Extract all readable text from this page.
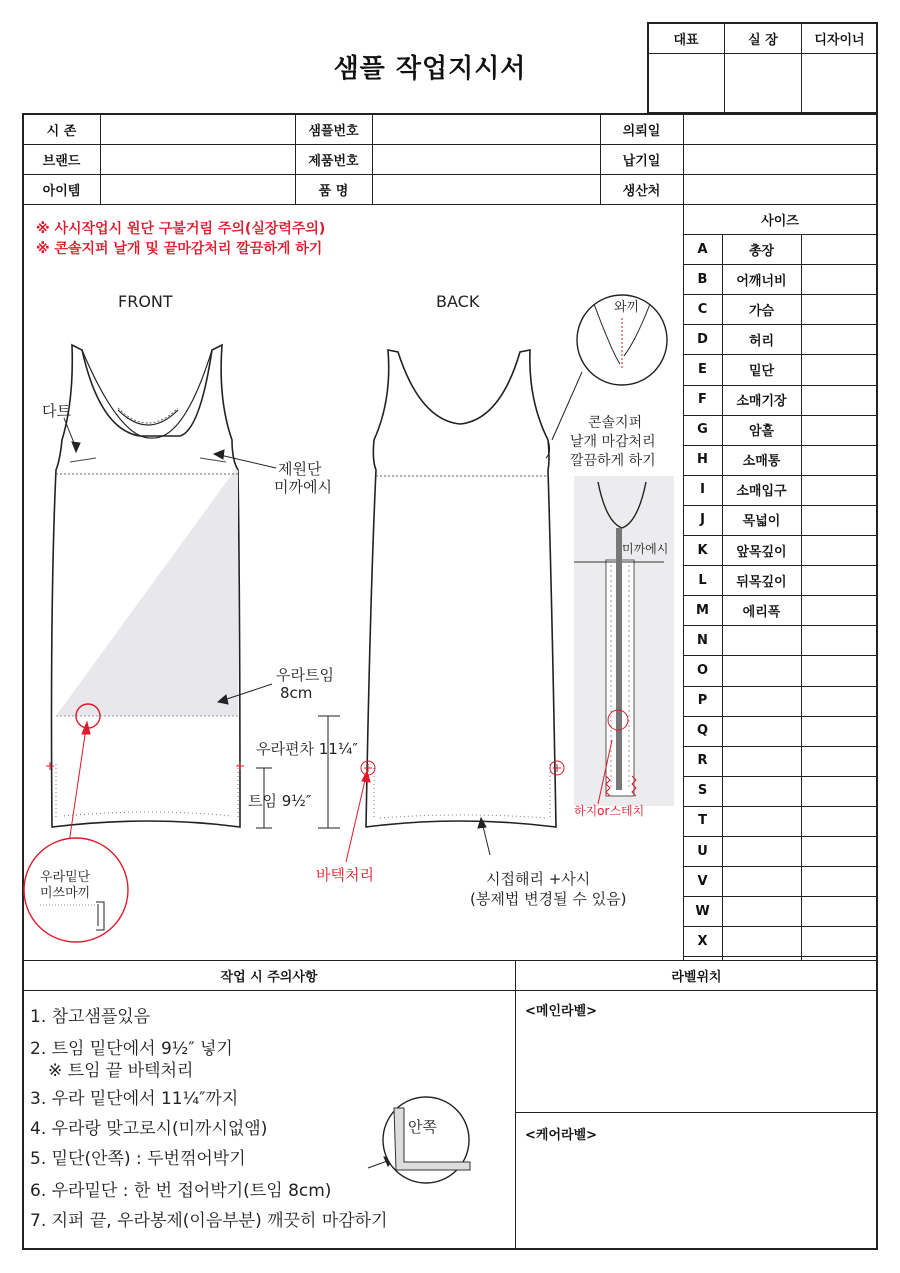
샘플 작업지시서
대표	실 장	디자이너
시 존	샘플번호	의뢰일
브랜드	제품번호	납기일
아이템	품 명	생산처
※ 사시작업시 원단 구불거림 주의(실장력주의)
※ 콘솔지퍼 날개 및 끝마감처리 깔끔하게 하기
사이즈
A	총장
B	어깨너비
C	가슴
D	허리
E	밑단
F	소매기장
G	암홀
H	소매통
I	소매입구
J	목넓이
K	앞목깊이
L	뒤목깊이
M	에리폭
N
O
P
Q
R
S
T
U
V
W
X
FRONT	BACK
다트
제원단
미까에시
우라트임
8cm
우라편차 11¼″
트임 9½″
바텍처리	시접해리 +사시
(봉제법 변경될 수 있음)
우라밑단
미쓰마끼
와끼
콘솔지퍼
날개 마감처리
깔끔하게 하기
미까에시
하지or스테치
안쪽
작업 시 주의사항	라벨위치
<메인라벨>
<케어라벨>
1. 참고샘플있음
2. 트임 밑단에서 9½″ 넣기
※ 트임 끝 바텍처리
3. 우라 밑단에서 11¼″까지
4. 우라랑 맞고로시(미까시없앰)
5. 밑단(안쪽) : 두번꺾어박기
6. 우라밑단 : 한 번 접어박기(트임 8cm)
7. 지퍼 끝, 우라봉제(이음부분) 깨끗히 마감하기
